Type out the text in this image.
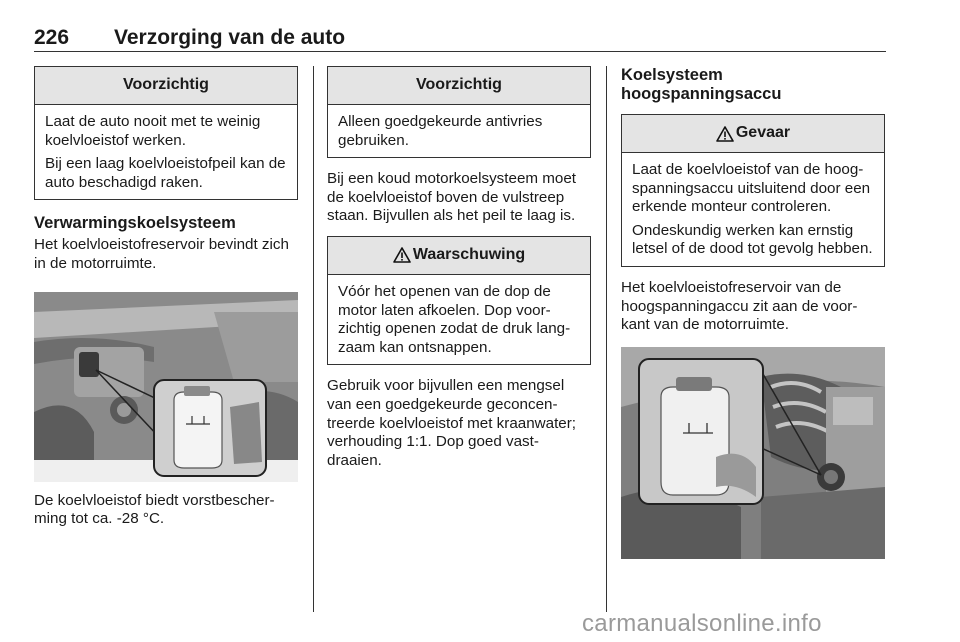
226 Verzorging van de auto
Voorzichtig

Laat de auto nooit met te weinig koelvloeistof werken.

Bij een laag koelvloeistofpeil kan de auto beschadigd raken.

Verwarmingskoelsysteem

Het koelvloeistofreservoir bevindt zich in de motorruimte.

De koelvloeistof biedt vorstbescher-ming tot ca. -28 °C.

Voorzichtig

Alleen goedgekeurde antivries gebruiken.

Bij een koud motorkoelsysteem moet de koelvloeistof boven de vulstreep staan. Bijvullen als het peil te laag is.

Waarschuwing

Vóór het openen van de dop de motor laten afkoelen. Dop voor-zichtig openen zodat de druk lang-zaam kan ontsnappen.

Gebruik voor bijvullen een mengsel van een goedgekeurde geconcen-treerde koelvloeistof met kraanwater; verhouding 1:1. Dop goed vast-draaien.

Koelsysteem
hoogspanningsaccu
Gevaar

Laat de koelvloeistof van de hoog-spanningsaccu uitsluitend door een erkende monteur controleren.

Ondeskundig werken kan ernstig letsel of de dood tot gevolg hebben.

Het koelvloeistofreservoir van de hoogspanningaccu zit aan de voor-kant van de motorruimte.

carmanualsonline.info
